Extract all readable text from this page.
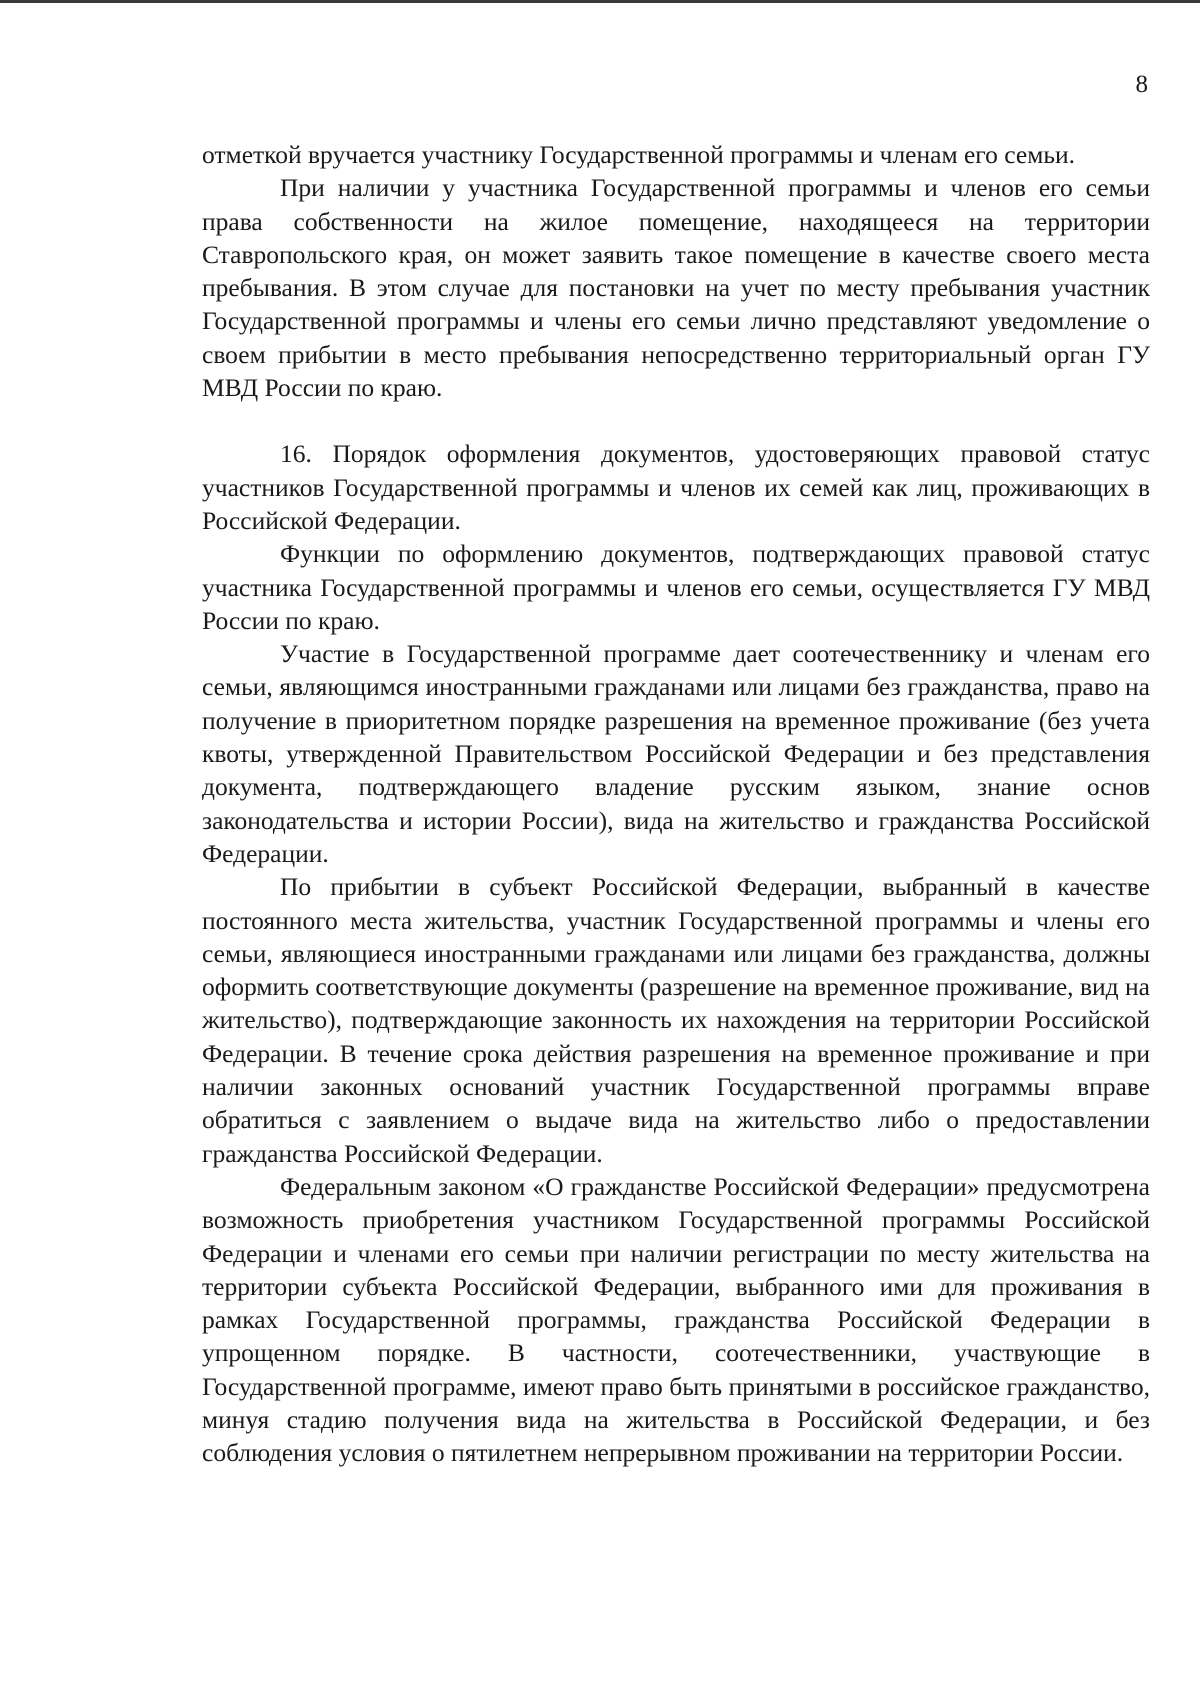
8

отметкой вручается участнику Государственной программы и членам его семьи.

При наличии у участника Государственной программы и членов его семьи права собственности на жилое помещение, находящееся на территории Ставропольского края, он может заявить такое помещение в качестве своего места пребывания. В этом случае для постановки на учет по месту пребывания участник Государственной программы и члены его семьи лично представляют уведомление о своем прибытии в место пребывания непосредственно территориальный орган ГУ МВД России по краю.

16. Порядок оформления документов, удостоверяющих правовой статус участников Государственной программы и членов их семей как лиц, проживающих в Российской Федерации.

Функции по оформлению документов, подтверждающих правовой статус участника Государственной программы и членов его семьи, осуществляется ГУ МВД России по краю.

Участие в Государственной программе дает соотечественнику и членам его семьи, являющимся иностранными гражданами или лицами без гражданства, право на получение в приоритетном порядке разрешения на временное проживание (без учета квоты, утвержденной Правительством Российской Федерации и без представления документа, подтверждающего владение русским языком, знание основ законодательства и истории России), вида на жительство и гражданства Российской Федерации.

По прибытии в субъект Российской Федерации, выбранный в качестве постоянного места жительства, участник Государственной программы и члены его семьи, являющиеся иностранными гражданами или лицами без гражданства, должны оформить соответствующие документы (разрешение на временное проживание, вид на жительство), подтверждающие законность их нахождения на территории Российской Федерации. В течение срока действия разрешения на временное проживание и при наличии законных оснований участник Государственной программы вправе обратиться с заявлением о выдаче вида на жительство либо о предоставлении гражданства Российской Федерации.

Федеральным законом «О гражданстве Российской Федерации» предусмотрена возможность приобретения участником Государственной программы Российской Федерации и членами его семьи при наличии регистрации по месту жительства на территории субъекта Российской Федерации, выбранного ими для проживания в рамках Государственной программы, гражданства Российской Федерации в упрощенном порядке. В частности, соотечественники, участвующие в Государственной программе, имеют право быть принятыми в российское гражданство, минуя стадию получения вида на жительства в Российской Федерации, и без соблюдения условия о пятилетнем непрерывном проживании на территории России.
